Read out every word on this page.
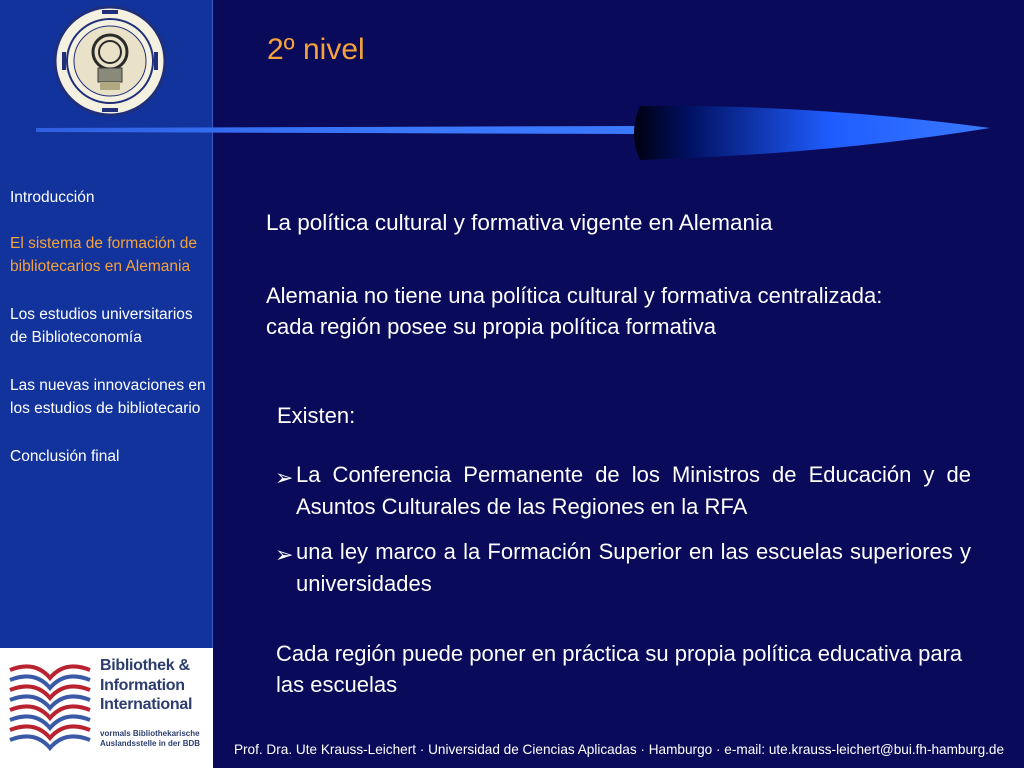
Introducción
El sistema de formación de bibliotecarios en Alemania
Los estudios universitarios de Biblioteconomía
Las nuevas innovaciones en los estudios de bibliotecario
Conclusión final
Bibliothek &
Information
International
vormals Bibliothekarische Auslandsstelle in der BDB
2º nivel
La política cultural y formativa vigente en Alemania
Alemania no tiene una política cultural y formativa centralizada:
cada región posee su propia política formativa
Existen:
➢ La Conferencia Permanente de los Ministros de Educación y de Asuntos Culturales de las Regiones en la RFA
➢ una ley marco a la Formación Superior en las escuelas superiores y universidades
Cada región puede poner en práctica su propia política educativa para las escuelas
Prof. Dra. Ute Krauss-Leichert · Universidad de Ciencias Aplicadas · Hamburgo · e-mail: ute.krauss-leichert@bui.fh-hamburg.de
